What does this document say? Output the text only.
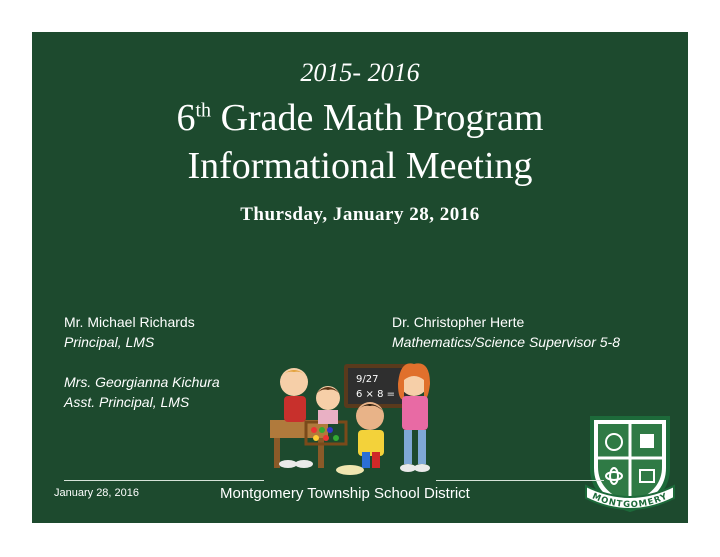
2015- 2016
6th Grade Math Program
Informational Meeting
Thursday, January 28, 2016
Mr. Michael Richards
Principal, LMS
Mrs. Georgianna Kichura
Asst. Principal, LMS
Dr. Christopher Herte
Mathematics/Science Supervisor 5-8
9/27
6 × 8 =
MONTGOMERY
January 28, 2016	Montgomery Township School District
